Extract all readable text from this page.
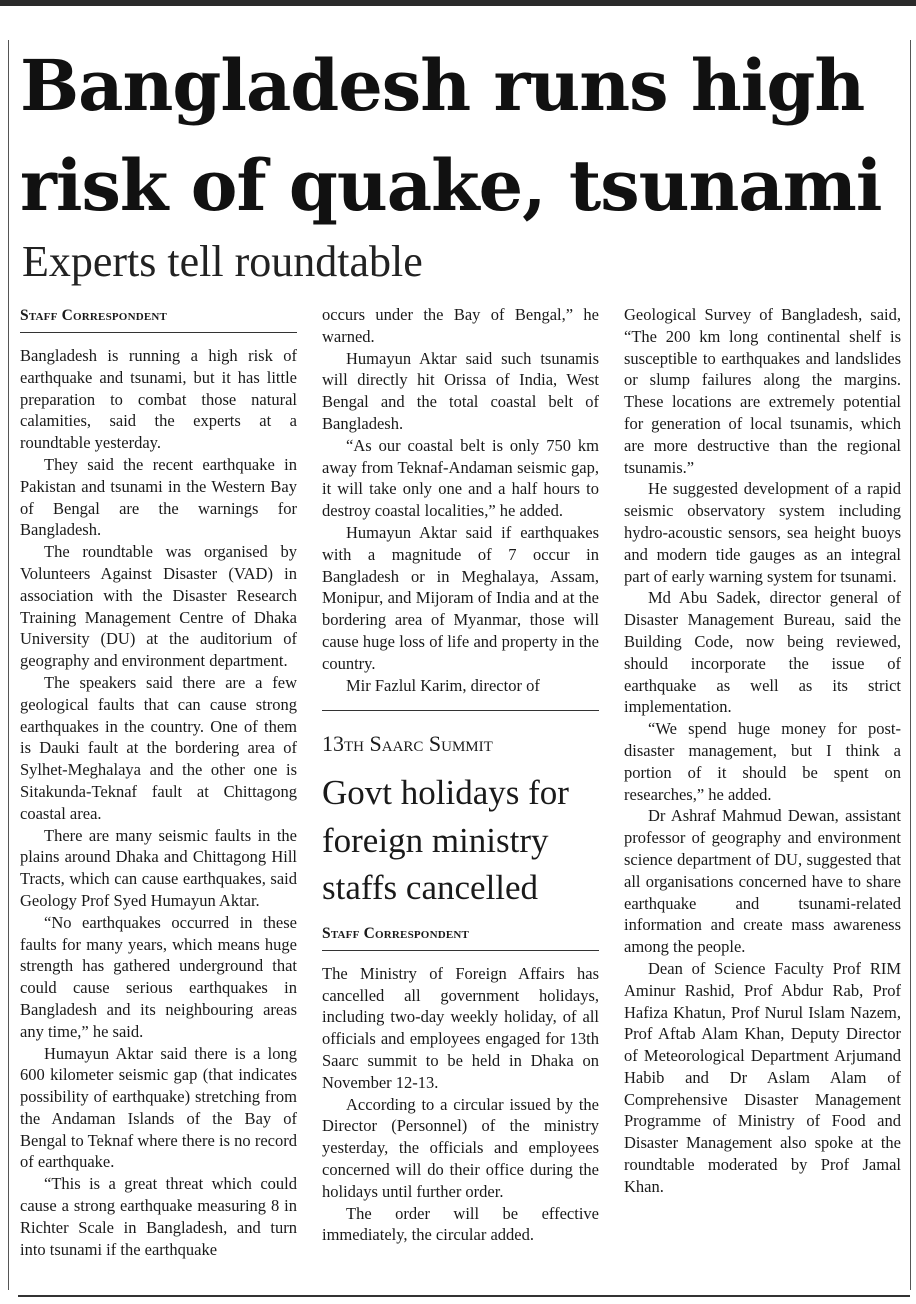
Bangladesh runs high
risk of quake, tsunami
Experts tell roundtable
Staff Correspondent

Bangladesh is running a high risk of earthquake and tsunami, but it has little preparation to combat those natural calamities, said the experts at a roundtable yesterday.

They said the recent earthquake in Pakistan and tsunami in the Western Bay of Bengal are the warnings for Bangladesh.

The roundtable was organised by Volunteers Against Disaster (VAD) in association with the Disaster Research Training Management Centre of Dhaka University (DU) at the auditorium of geography and environment department.

The speakers said there are a few geological faults that can cause strong earthquakes in the country. One of them is Dauki fault at the bordering area of Sylhet-Meghalaya and the other one is Sitakunda-Teknaf fault at Chittagong coastal area.

There are many seismic faults in the plains around Dhaka and Chittagong Hill Tracts, which can cause earthquakes, said Geology Prof Syed Humayun Aktar.

“No earthquakes occurred in these faults for many years, which means huge strength has gathered underground that could cause serious earthquakes in Bangladesh and its neighbouring areas any time,” he said.

Humayun Aktar said there is a long 600 kilometer seismic gap (that indicates possibility of earthquake) stretching from the Andaman Islands of the Bay of Bengal to Teknaf where there is no record of earthquake.

“This is a great threat which could cause a strong earthquake measuring 8 in Richter Scale in Bangladesh, and turn into tsunami if the earthquake

occurs under the Bay of Bengal,” he warned.

Humayun Aktar said such tsunamis will directly hit Orissa of India, West Bengal and the total coastal belt of Bangladesh.

“As our coastal belt is only 750 km away from Teknaf-Andaman seismic gap, it will take only one and a half hours to destroy coastal localities,” he added.

Humayun Aktar said if earthquakes with a magnitude of 7 occur in Bangladesh or in Meghalaya, Assam, Monipur, and Mijoram of India and at the bordering area of Myanmar, those will cause huge loss of life and property in the country.

Mir Fazlul Karim, director of

13th Saarc Summit
Govt holidays for foreign ministry staffs cancelled
Staff Correspondent

The Ministry of Foreign Affairs has cancelled all government holidays, including two-day weekly holiday, of all officials and employees engaged for 13th Saarc summit to be held in Dhaka on November 12-13.

According to a circular issued by the Director (Personnel) of the ministry yesterday, the officials and employees concerned will do their office during the holidays until further order.

The order will be effective immediately, the circular added.

Geological Survey of Bangladesh, said, “The 200 km long continental shelf is susceptible to earthquakes and landslides or slump failures along the margins. These locations are extremely potential for generation of local tsunamis, which are more destructive than the regional tsunamis.”

He suggested development of a rapid seismic observatory system including hydro-acoustic sensors, sea height buoys and modern tide gauges as an integral part of early warning system for tsunami.

Md Abu Sadek, director general of Disaster Management Bureau, said the Building Code, now being reviewed, should incorporate the issue of earthquake as well as its strict implementation.

“We spend huge money for post-disaster management, but I think a portion of it should be spent on researches,” he added.

Dr Ashraf Mahmud Dewan, assistant professor of geography and environment science department of DU, suggested that all organisations concerned have to share earthquake and tsunami-related information and create mass awareness among the people.

Dean of Science Faculty Prof RIM Aminur Rashid, Prof Abdur Rab, Prof Hafiza Khatun, Prof Nurul Islam Nazem, Prof Aftab Alam Khan, Deputy Director of Meteorological Department Arjumand Habib and Dr Aslam Alam of Comprehensive Disaster Management Programme of Ministry of Food and Disaster Management also spoke at the roundtable moderated by Prof Jamal Khan.
